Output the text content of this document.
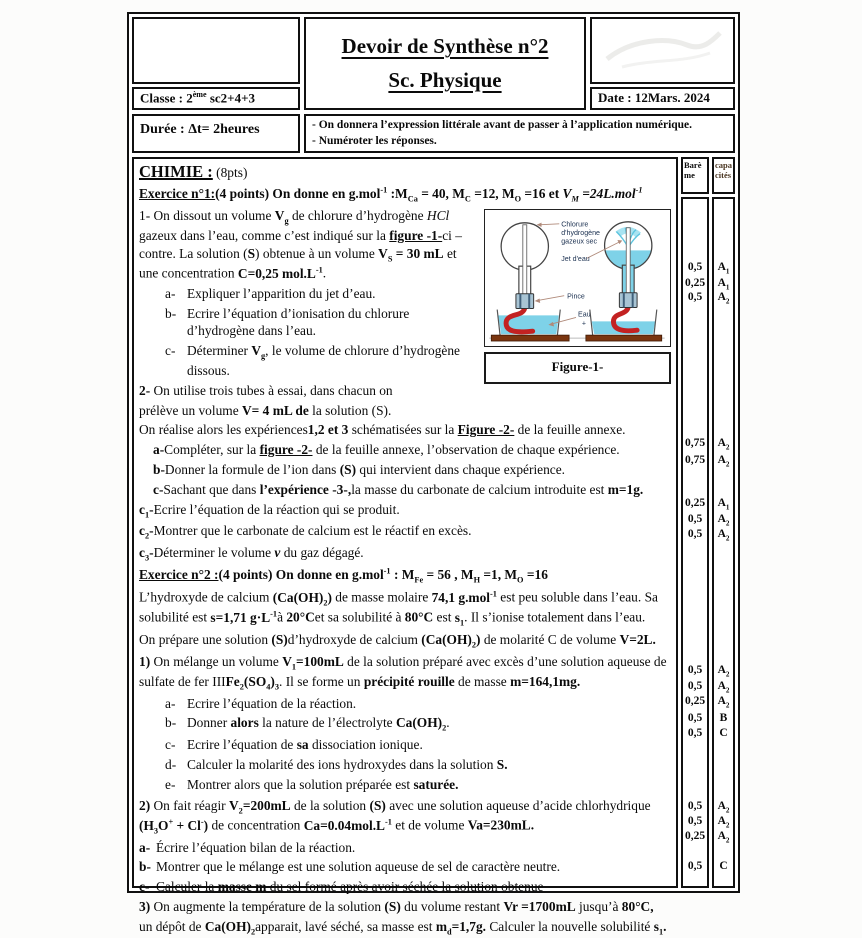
Classe : 2ème sc2+4+3
Devoir de Synthèse n°2
Sc. Physique
Date : 12Mars. 2024
Durée : Δt= 2heures	- On donnera l’expression littérale avant de passer à l’application numérique.
- Numéroter les réponses.

CHIMIE : (8pts)

Exercice n°1:(4 points) On donne en g.mol$^{-1}$ $:M_{Ca} = 40$, $M_C =12$, $M_O =16$ et $V_M =24L.mol^{-1}$

Chlorure
d'hydrogène
gazeux sec
Jet d'eau
Pince
Eau
+
Figure-1-

1- On dissout un volume $V_g$ de chlorure d’hydrogène HCl gazeux dans l’eau, comme c’est indiqué sur la figure -1-ci – contre. La solution (S) obtenue à un volume $V_S = 30$ mL et une concentration C=0,25 $mol.L^{-1}$.

a- Expliquer l’apparition du jet d’eau.

b- Ecrire l’équation d’ionisation du chlorure d’hydrogène dans l’eau.

c- Déterminer $V_g$, le volume de chlorure d’hydrogène dissous.

2- On utilise trois tubes à essai, dans chacun on

prélève un volume V= 4 mL de la solution (S).

On réalise alors les expériences1,2 et 3 schématisées sur la Figure -2- de la feuille annexe.

a-Compléter, sur la figure -2- de la feuille annexe, l’observation de chaque expérience.

b-Donner la formule de l’ion dans (S) qui intervient dans chaque expérience.

c-Sachant que dans l’expérience -3-,la masse du carbonate de calcium introduite est m=1g.

$c_1$-Ecrire l’équation de la réaction qui se produit.

$c_2$-Montrer que le carbonate de calcium est le réactif en excès.

$c_3$-Déterminer le volume v du gaz dégagé.

Exercice n°2 :(4 points) On donne en g.mol$^{-1}$ : $M_{Fe} = 56$ , $M_H =1$, $M_O =16$

L’hydroxyde de calcium $(Ca(OH)_2)$ de masse molaire 74,1 g.mol$^{-1}$ est peu soluble dans l’eau. Sa solubilité est s=1,71 $g\cdot L^{-1}à$ 20°Cet sa solubilité à 80°C est $s_1$. Il s’ionise totalement dans l’eau.

On prépare une solution (S)d’hydroxyde de calcium $(Ca(OH)_2)$ de molarité C de volume V=2L.

1) On mélange un volume $V_1=100mL$ de la solution préparé avec excès d’une solution aqueuse de sulfate de fer $IIIFe_2(SO_4)_3$. Il se forme un précipité rouille de masse m=164,1mg.

a- Ecrire l’équation de la réaction.

b- Donner alors la nature de l’électrolyte $Ca(OH)_2$.

c- Ecrire l’équation de sa dissociation ionique.

d- Calculer la molarité des ions hydroxydes dans la solution S.

e- Montrer alors que la solution préparée est saturée.

2) On fait réagir $V_2=200mL$ de la solution (S) avec une solution aqueuse d’acide chlorhydrique $(H_3O^+ + Cl^-)$ de concentration $Ca=0.04mol.L^{-1}$ et de volume Va=230mL.

a- Écrire l’équation bilan de la réaction.

b- Montrer que le mélange est une solution aqueuse de sel de caractère neutre.

c- Calculer la masse m du sel formé après avoir séchée la solution obtenue

3) On augmente la température de la solution (S) du volume restant Vr =1700mL jusqu’à 80°C,

un dépôt de $Ca(OH)_2apparait$, lavé séché, sa masse est $m_d=1,7g$. Calculer la nouvelle solubilité $s_1$.

Barème
0,5
0,25
0,5
0,75
0,75
0,25
0,5
0,5
0,5
0,5
0,25
0,5
0,5
0,5
0,5
0,25
0,5
capacités
$A_1$
$A_1$
$A_2$
$A_2$
$A_2$
$A_1$
$A_2$
$A_2$
$A_2$
$A_2$
$A_2$
B
C
$A_2$
$A_2$
$A_2$
C
